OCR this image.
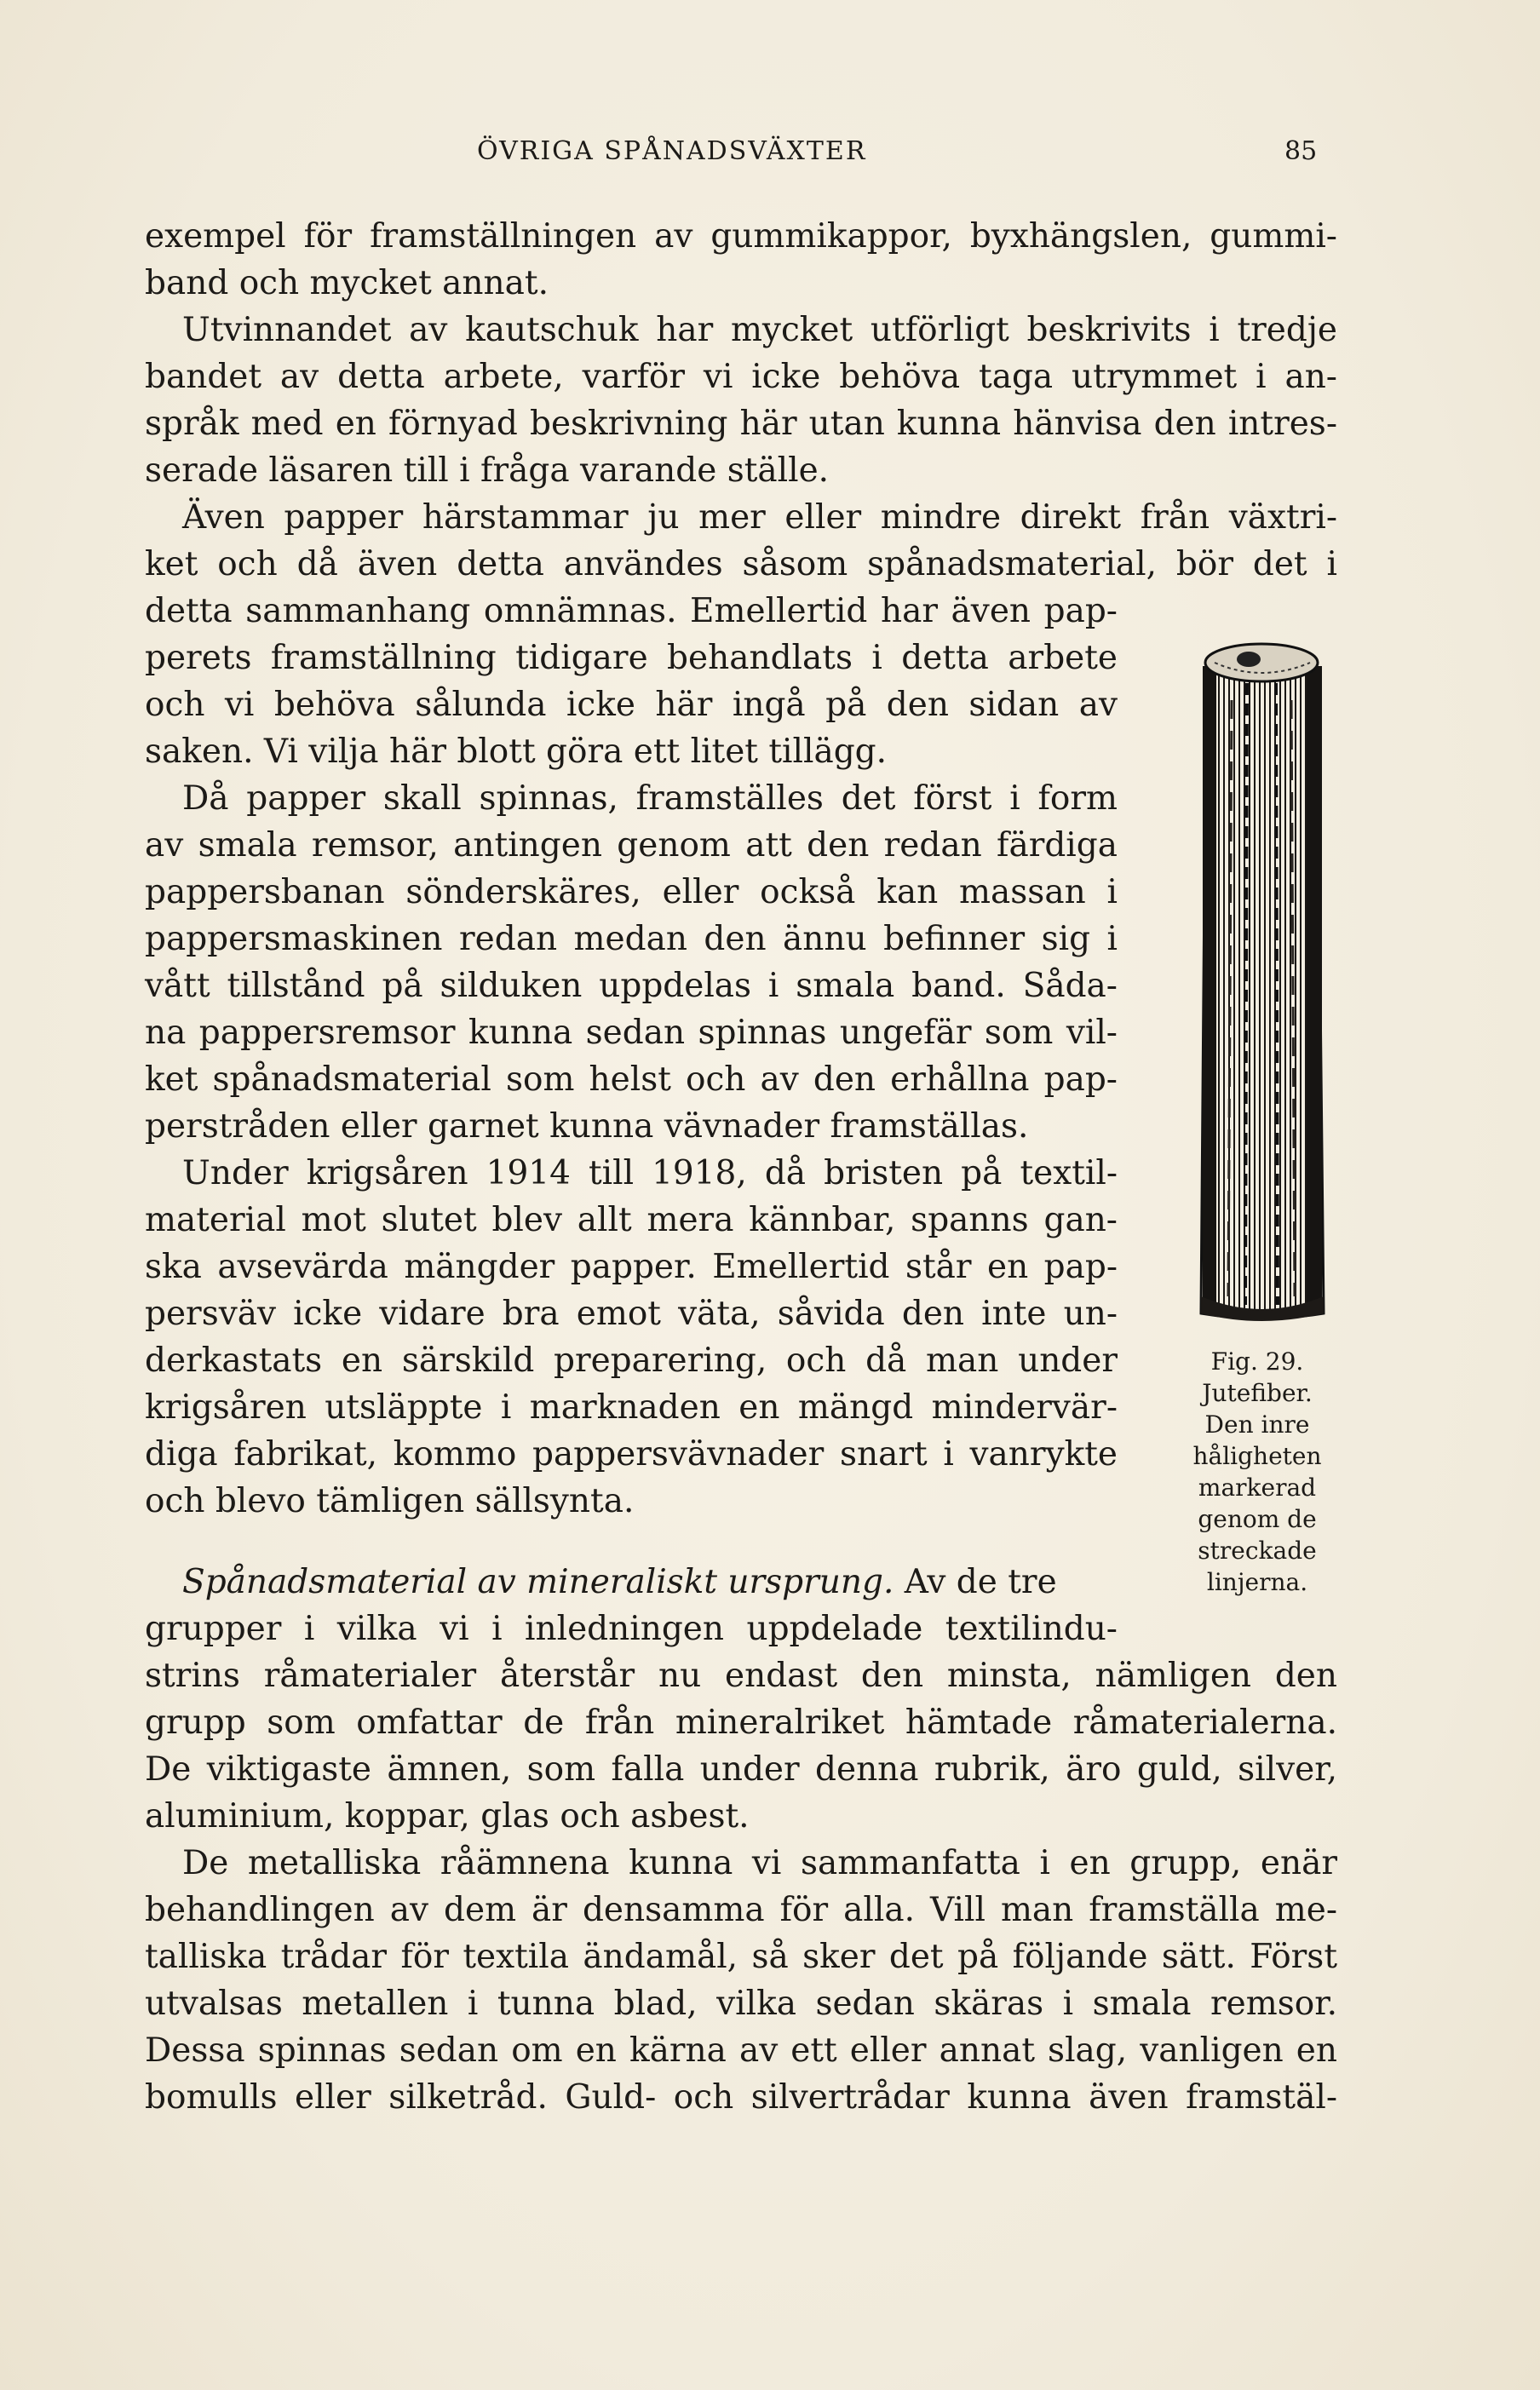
ÖVRIGA SPÅNADSVÄXTER	85
exempel för framställningen av gummikappor, byxhängslen, gummi-
band och mycket annat.
Utvinnandet av kautschuk har mycket utförligt beskrivits i tredje
bandet av detta arbete, varför vi icke behöva taga utrymmet i an-
språk med en förnyad beskrivning här utan kunna hänvisa den intres-
serade läsaren till i fråga varande ställe.
Även papper härstammar ju mer eller mindre direkt från växtri-
ket och då även detta användes såsom spånadsmaterial, bör det i
detta sammanhang omnämnas. Emellertid har även pap-
perets framställning tidigare behandlats i detta arbete
och vi behöva sålunda icke här ingå på den sidan av
saken. Vi vilja här blott göra ett litet tillägg.
Då papper skall spinnas, framställes det först i form
av smala remsor, antingen genom att den redan färdiga
pappersbanan sönderskäres, eller också kan massan i
pappersmaskinen redan medan den ännu befinner sig i
vått tillstånd på silduken uppdelas i smala band. Såda-
na pappersremsor kunna sedan spinnas ungefär som vil-
ket spånadsmaterial som helst och av den erhållna pap-
perstråden eller garnet kunna vävnader framställas.
Under krigsåren 1914 till 1918, då bristen på textil-
material mot slutet blev allt mera kännbar, spanns gan-
ska avsevärda mängder papper. Emellertid står en pap-
persväv icke vidare bra emot väta, såvida den inte un-
derkastats en särskild preparering, och då man under
krigsåren utsläppte i marknaden en mängd mindervär-
diga fabrikat, kommo pappersvävnader snart i vanrykte
och blevo tämligen sällsynta.
Spånadsmaterial av mineraliskt ursprung. Av de tre
grupper i vilka vi i inledningen uppdelade textilindu-
strins råmaterialer återstår nu endast den minsta, nämligen den
grupp som omfattar de från mineralriket hämtade råmaterialerna.
De viktigaste ämnen, som falla under denna rubrik, äro guld, silver,
aluminium, koppar, glas och asbest.
De metalliska råämnena kunna vi sammanfatta i en grupp, enär
behandlingen av dem är densamma för alla. Vill man framställa me-
talliska trådar för textila ändamål, så sker det på följande sätt. Först
utvalsas metallen i tunna blad, vilka sedan skäras i smala remsor.
Dessa spinnas sedan om en kärna av ett eller annat slag, vanligen en
bomulls eller silketråd. Guld- och silvertrådar kunna även framstäl-
Fig. 29.
Jutefiber.
Den inre
håligheten
markerad
genom de
streckade
linjerna.
